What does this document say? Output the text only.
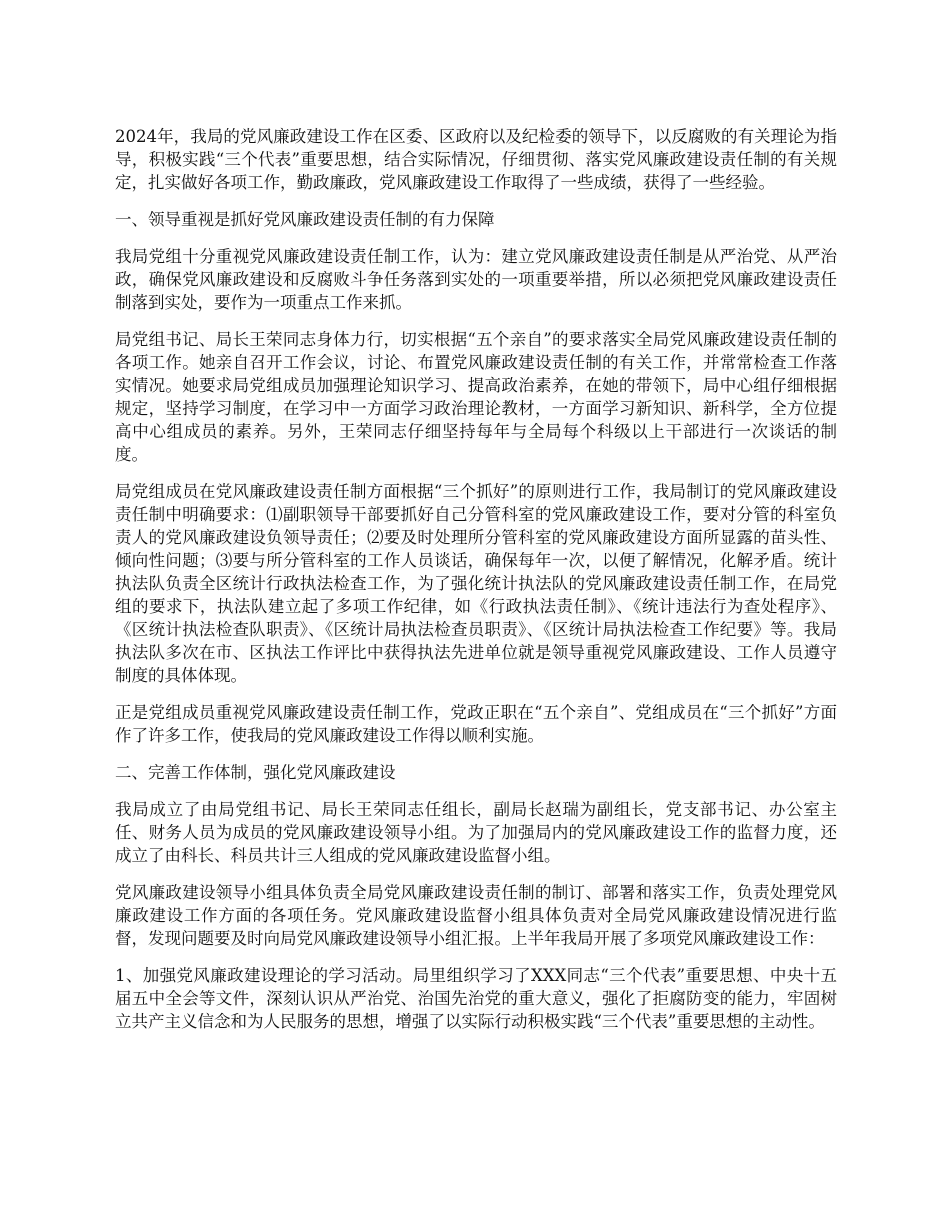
2024年，我局的党风廉政建设工作在区委、区政府以及纪检委的领导下，以反腐败的有关理论为指导，积极实践“三个代表”重要思想，结合实际情况，仔细贯彻、落实党风廉政建设责任制的有关规定，扎实做好各项工作，勤政廉政，党风廉政建设工作取得了一些成绩，获得了一些经验。

一、领导重视是抓好党风廉政建设责任制的有力保障

我局党组十分重视党风廉政建设责任制工作，认为：建立党风廉政建设责任制是从严治党、从严治政，确保党风廉政建设和反腐败斗争任务落到实处的一项重要举措，所以必须把党风廉政建设责任制落到实处，要作为一项重点工作来抓。

局党组书记、局长王荣同志身体力行，切实根据“五个亲自”的要求落实全局党风廉政建设责任制的各项工作。她亲自召开工作会议，讨论、布置党风廉政建设责任制的有关工作，并常常检查工作落实情况。她要求局党组成员加强理论知识学习、提高政治素养，在她的带领下，局中心组仔细根据规定，坚持学习制度，在学习中一方面学习政治理论教材，一方面学习新知识、新科学，全方位提高中心组成员的素养。另外，王荣同志仔细坚持每年与全局每个科级以上干部进行一次谈话的制度。

局党组成员在党风廉政建设责任制方面根据“三个抓好”的原则进行工作，我局制订的党风廉政建设责任制中明确要求：⑴副职领导干部要抓好自己分管科室的党风廉政建设工作，要对分管的科室负责人的党风廉政建设负领导责任；⑵要及时处理所分管科室的党风廉政建设方面所显露的苗头性、倾向性问题；⑶要与所分管科室的工作人员谈话，确保每年一次，以便了解情况，化解矛盾。统计执法队负责全区统计行政执法检查工作，为了强化统计执法队的党风廉政建设责任制工作，在局党组的要求下，执法队建立起了多项工作纪律，如《行政执法责任制》、《统计违法行为查处程序》、《区统计执法检查队职责》、《区统计局执法检查员职责》、《区统计局执法检查工作纪要》等。我局执法队多次在市、区执法工作评比中获得执法先进单位就是领导重视党风廉政建设、工作人员遵守制度的具体体现。

正是党组成员重视党风廉政建设责任制工作，党政正职在“五个亲自”、党组成员在“三个抓好”方面作了许多工作，使我局的党风廉政建设工作得以顺利实施。

二、完善工作体制，强化党风廉政建设

我局成立了由局党组书记、局长王荣同志任组长，副局长赵瑞为副组长，党支部书记、办公室主任、财务人员为成员的党风廉政建设领导小组。为了加强局内的党风廉政建设工作的监督力度，还成立了由科长、科员共计三人组成的党风廉政建设监督小组。

党风廉政建设领导小组具体负责全局党风廉政建设责任制的制订、部署和落实工作，负责处理党风廉政建设工作方面的各项任务。党风廉政建设监督小组具体负责对全局党风廉政建设情况进行监督，发现问题要及时向局党风廉政建设领导小组汇报。上半年我局开展了多项党风廉政建设工作：

1、加强党风廉政建设理论的学习活动。局里组织学习了XXX同志“三个代表”重要思想、中央十五届五中全会等文件，深刻认识从严治党、治国先治党的重大意义，强化了拒腐防变的能力，牢固树立共产主义信念和为人民服务的思想，增强了以实际行动积极实践“三个代表”重要思想的主动性。
